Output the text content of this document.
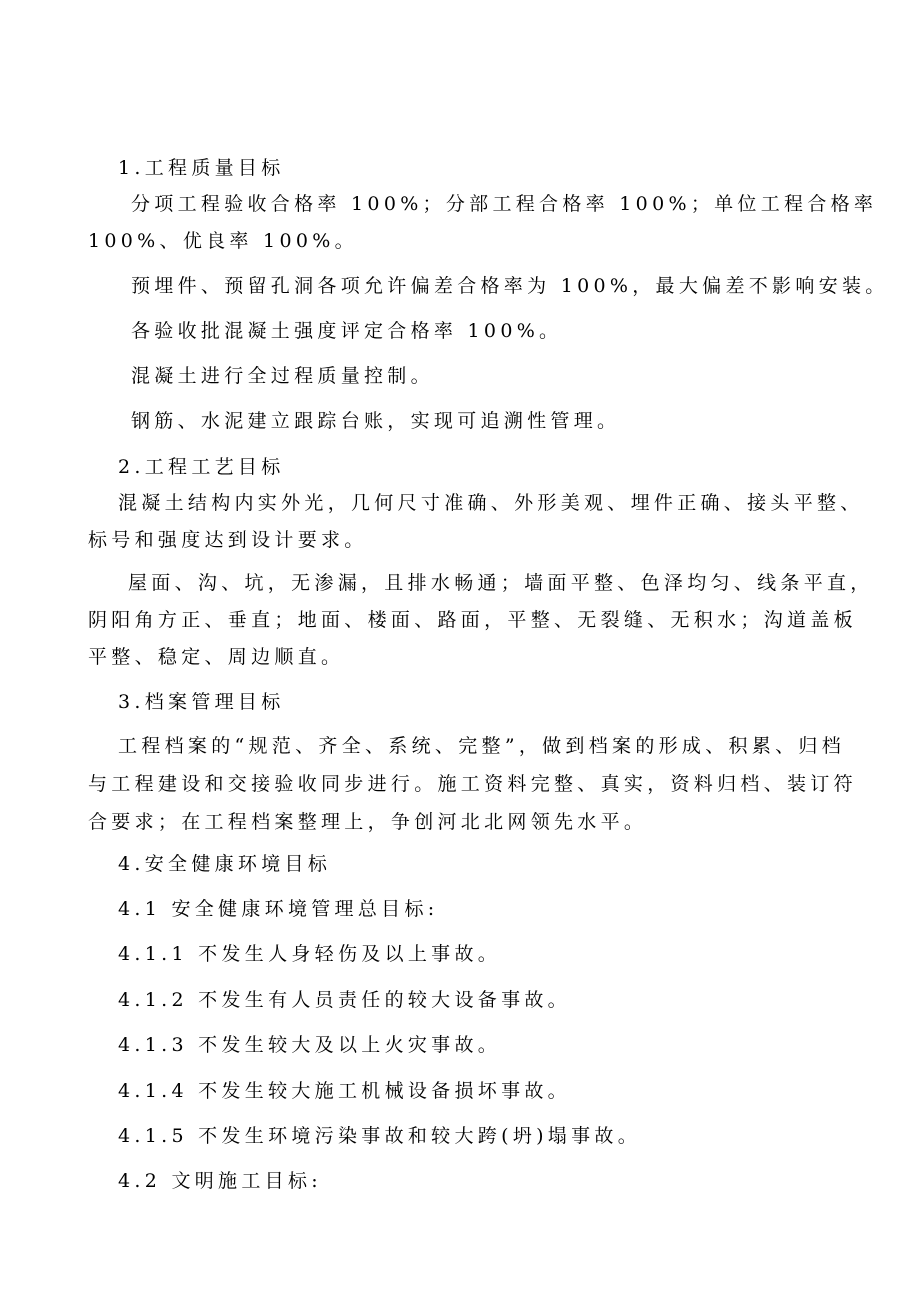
1.工程质量目标
分项工程验收合格率 100%；分部工程合格率 100%；单位工程合格率
100%、优良率 100%。
预埋件、预留孔洞各项允许偏差合格率为 100%，最大偏差不影响安装。
各验收批混凝土强度评定合格率 100%。
混凝土进行全过程质量控制。
钢筋、水泥建立跟踪台账，实现可追溯性管理。
2.工程工艺目标
混凝土结构内实外光，几何尺寸准确、外形美观、埋件正确、接头平整、
标号和强度达到设计要求。
屋面、沟、坑，无渗漏，且排水畅通；墙面平整、色泽均匀、线条平直，
阴阳角方正、垂直；地面、楼面、路面，平整、无裂缝、无积水；沟道盖板
平整、稳定、周边顺直。
3.档案管理目标
工程档案的“规范、齐全、系统、完整”，做到档案的形成、积累、归档
与工程建设和交接验收同步进行。施工资料完整、真实，资料归档、装订符
合要求；在工程档案整理上，争创河北北网领先水平。
4.安全健康环境目标
4.1 安全健康环境管理总目标:
4.1.1 不发生人身轻伤及以上事故。
4.1.2 不发生有人员责任的较大设备事故。
4.1.3 不发生较大及以上火灾事故。
4.1.4 不发生较大施工机械设备损坏事故。
4.1.5 不发生环境污染事故和较大跨(坍)塌事故。
4.2 文明施工目标:
